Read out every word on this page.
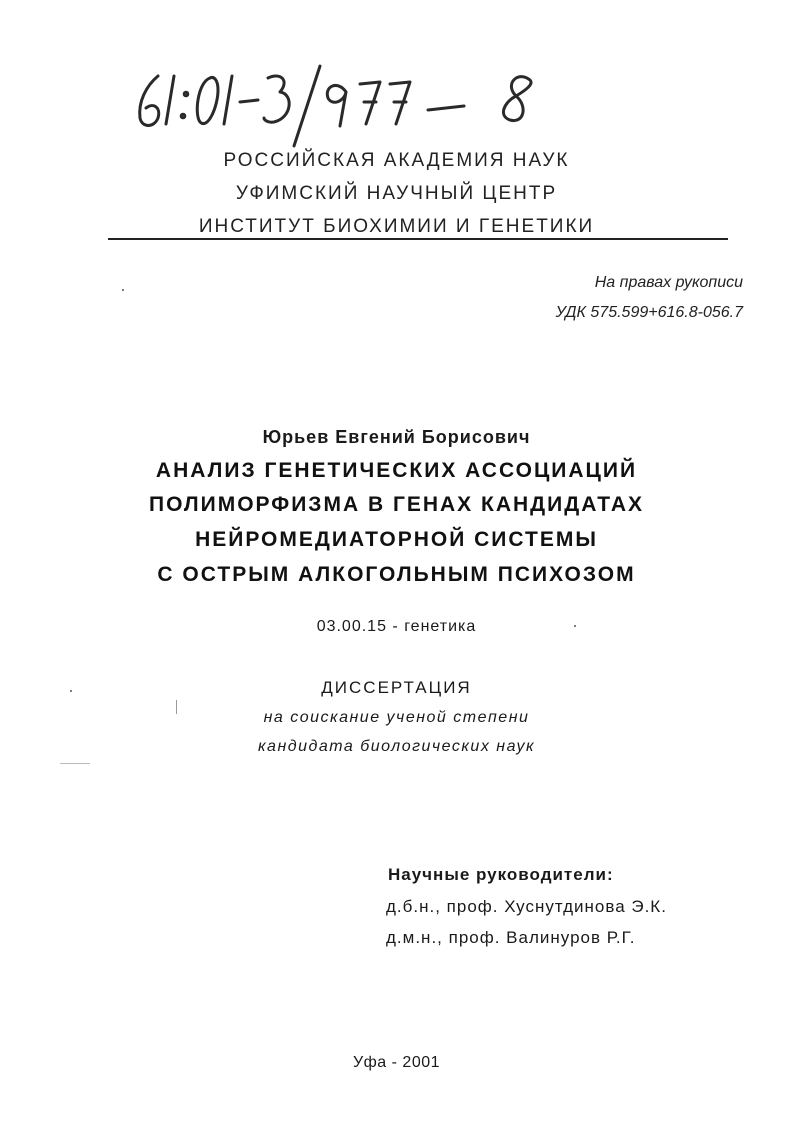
РОССИЙСКАЯ АКАДЕМИЯ НАУК
УФИМСКИЙ НАУЧНЫЙ ЦЕНТР
ИНСТИТУТ БИОХИМИИ И ГЕНЕТИКИ
На правах рукописи
УДК 575.599+616.8-056.7
Юрьев Евгений Борисович
АНАЛИЗ ГЕНЕТИЧЕСКИХ АССОЦИАЦИЙ
ПОЛИМОРФИЗМА В ГЕНАХ КАНДИДАТАХ
НЕЙРОМЕДИАТОРНОЙ СИСТЕМЫ
С ОСТРЫМ АЛКОГОЛЬНЫМ ПСИХОЗОМ
03.00.15 - генетика
ДИССЕРТАЦИЯ
на соискание ученой степени
кандидата биологических наук
Научные руководители:
д.б.н., проф. Хуснутдинова Э.К.
д.м.н., проф. Валинуров Р.Г.
Уфа - 2001
